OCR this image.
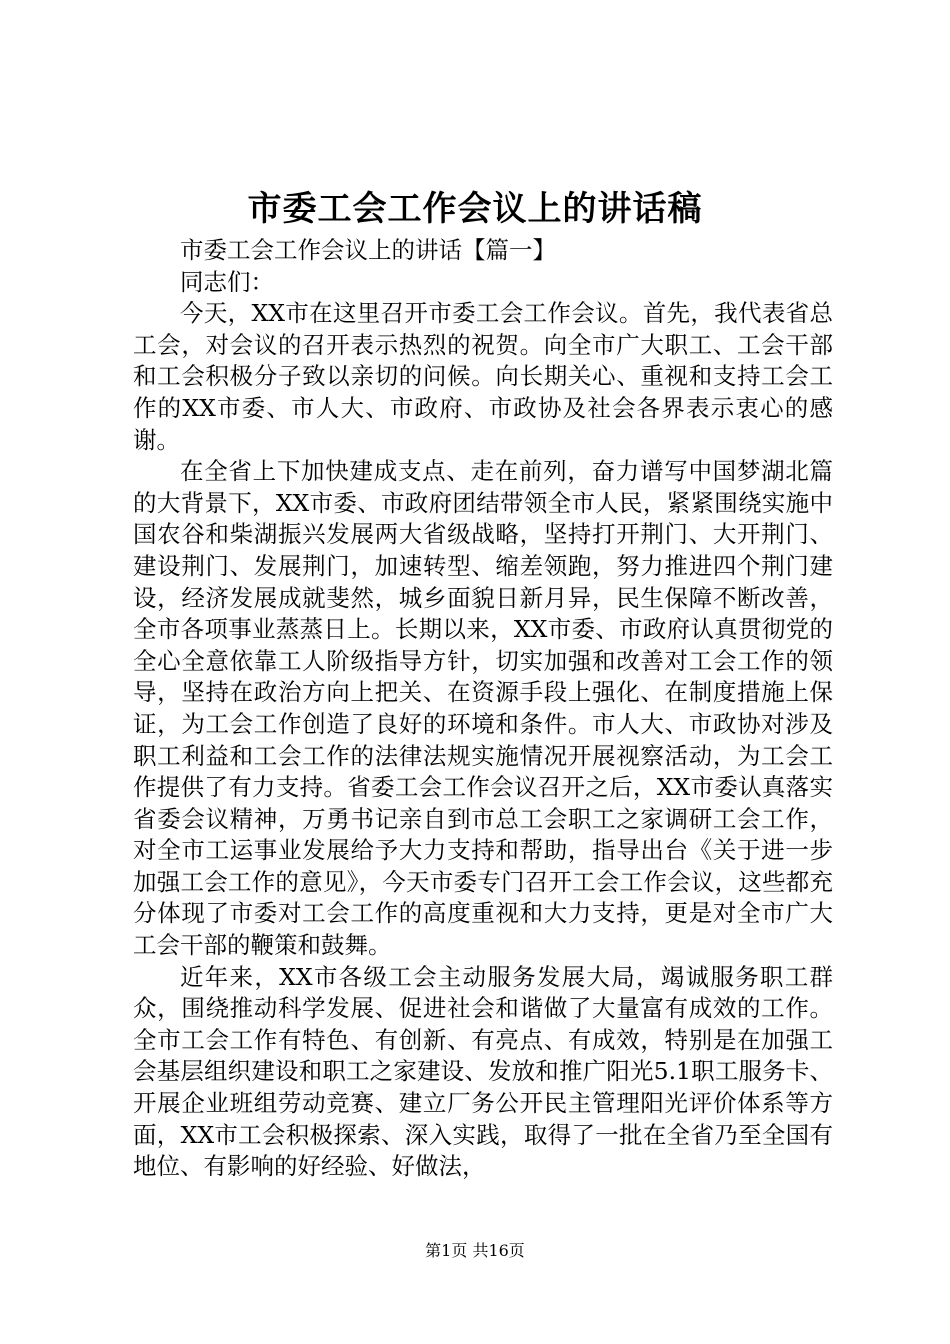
市委工会工作会议上的讲话稿

市委工会工作会议上的讲话【篇一】

同志们：

今天，XX市在这里召开市委工会工作会议。首先，我代表省总工会，对会议的召开表示热烈的祝贺。向全市广大职工、工会干部和工会积极分子致以亲切的问候。向长期关心、重视和支持工会工作的XX市委、市人大、市政府、市政协及社会各界表示衷心的感谢。

在全省上下加快建成支点、走在前列，奋力谱写中国梦湖北篇的大背景下，XX市委、市政府团结带领全市人民，紧紧围绕实施中国农谷和柴湖振兴发展两大省级战略，坚持打开荆门、大开荆门、建设荆门、发展荆门，加速转型、缩差领跑，努力推进四个荆门建设，经济发展成就斐然，城乡面貌日新月异，民生保障不断改善，全市各项事业蒸蒸日上。长期以来，XX市委、市政府认真贯彻党的全心全意依靠工人阶级指导方针，切实加强和改善对工会工作的领导，坚持在政治方向上把关、在资源手段上强化、在制度措施上保证，为工会工作创造了良好的环境和条件。市人大、市政协对涉及职工利益和工会工作的法律法规实施情况开展视察活动，为工会工作提供了有力支持。省委工会工作会议召开之后，XX市委认真落实省委会议精神，万勇书记亲自到市总工会职工之家调研工会工作，对全市工运事业发展给予大力支持和帮助，指导出台《关于进一步加强工会工作的意见》，今天市委专门召开工会工作会议，这些都充分体现了市委对工会工作的高度重视和大力支持，更是对全市广大工会干部的鞭策和鼓舞。

近年来，XX市各级工会主动服务发展大局，竭诚服务职工群众，围绕推动科学发展、促进社会和谐做了大量富有成效的工作。全市工会工作有特色、有创新、有亮点、有成效，特别是在加强工会基层组织建设和职工之家建设、发放和推广阳光5.1职工服务卡、开展企业班组劳动竞赛、建立厂务公开民主管理阳光评价体系等方面，XX市工会积极探索、深入实践，取得了一批在全省乃至全国有地位、有影响的好经验、好做法，

第1页 共16页
